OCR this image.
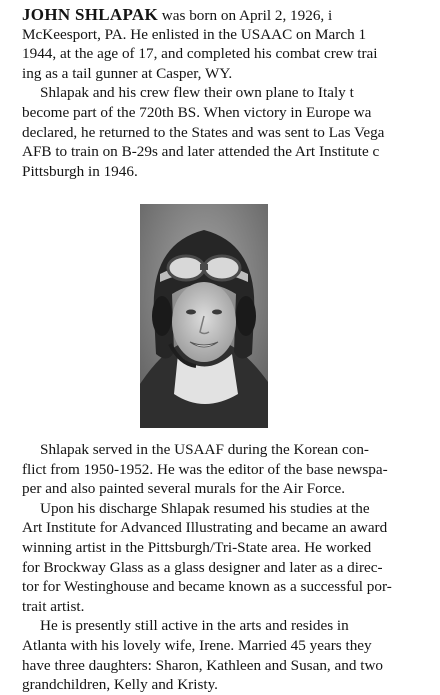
JOHN SHLAPAK was born on April 2, 1926, i
McKeesport, PA. He enlisted in the USAAC on March 1
1944, at the age of 17, and completed his combat crew trai
ing as a tail gunner at Casper, WY.
Shlapak and his crew flew their own plane to Italy t
become part of the 720th BS. When victory in Europe wa
declared, he returned to the States and was sent to Las Vega
AFB to train on B-29s and later attended the Art Institute c
Pittsburgh in 1946.
Shlapak served in the USAAF during the Korean con-
flict from 1950-1952. He was the editor of the base newspa-
per and also painted several murals for the Air Force.
Upon his discharge Shlapak resumed his studies at the
Art Institute for Advanced Illustrating and became an award
winning artist in the Pittsburgh/Tri-State area. He worked
for Brockway Glass as a glass designer and later as a direc-
tor for Westinghouse and became known as a successful por-
trait artist.
He is presently still active in the arts and resides in
Atlanta with his lovely wife, Irene. Married 45 years they
have three daughters: Sharon, Kathleen and Susan, and two
grandchildren, Kelly and Kristy.
